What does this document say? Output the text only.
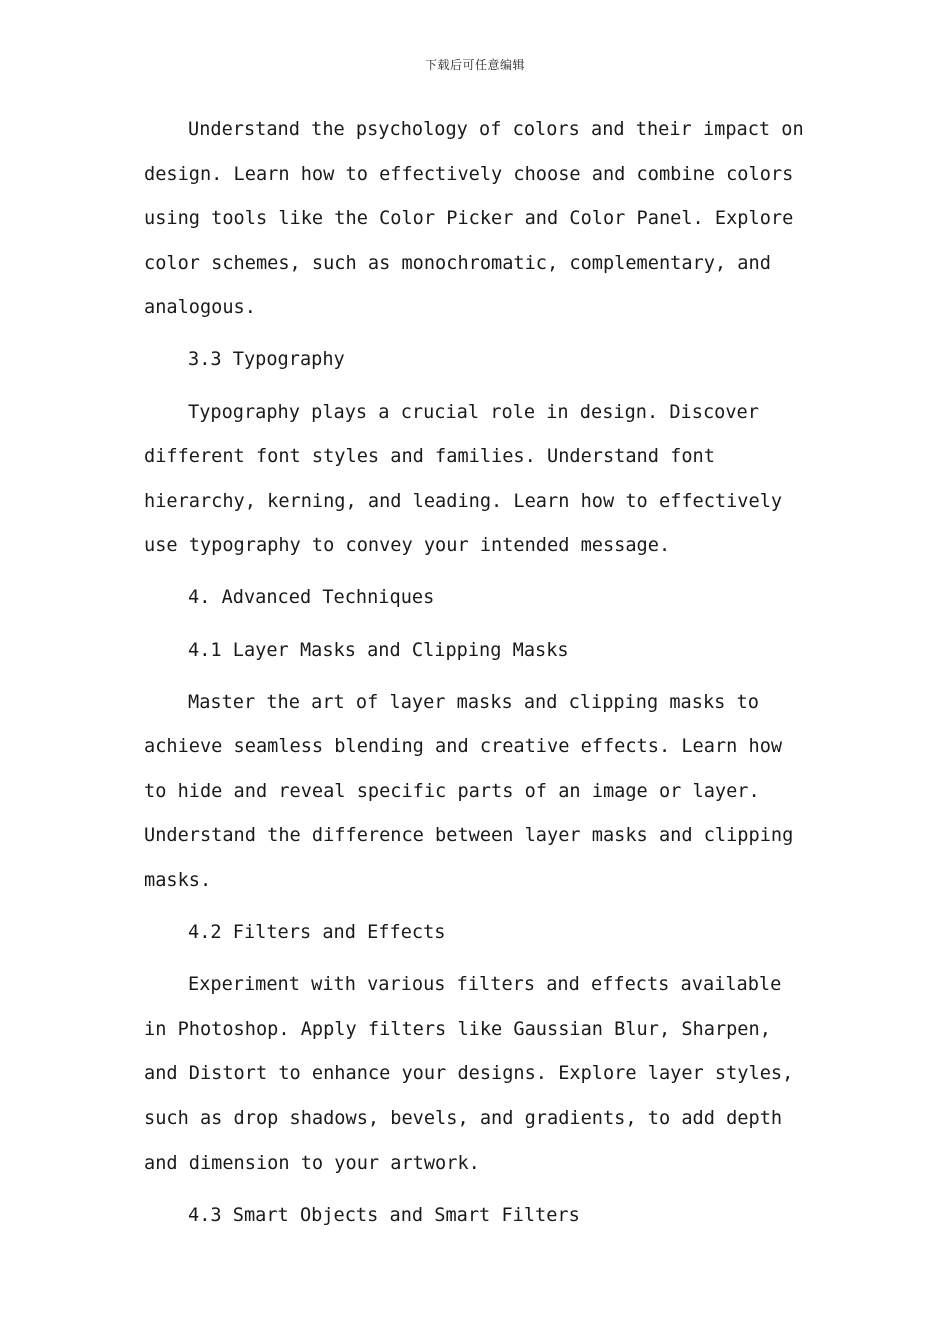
下载后可任意编辑

Understand the psychology of colors and their impact on design. Learn how to effectively choose and combine colors using tools like the Color Picker and Color Panel. Explore color schemes, such as monochromatic, complementary, and analogous.

3.3 Typography

Typography plays a crucial role in design. Discover different font styles and families. Understand font hierarchy, kerning, and leading. Learn how to effectively use typography to convey your intended message.

4. Advanced Techniques

4.1 Layer Masks and Clipping Masks

Master the art of layer masks and clipping masks to achieve seamless blending and creative effects. Learn how to hide and reveal specific parts of an image or layer. Understand the difference between layer masks and clipping masks.

4.2 Filters and Effects

Experiment with various filters and effects available in Photoshop. Apply filters like Gaussian Blur, Sharpen, and Distort to enhance your designs. Explore layer styles, such as drop shadows, bevels, and gradients, to add depth and dimension to your artwork.

4.3 Smart Objects and Smart Filters
